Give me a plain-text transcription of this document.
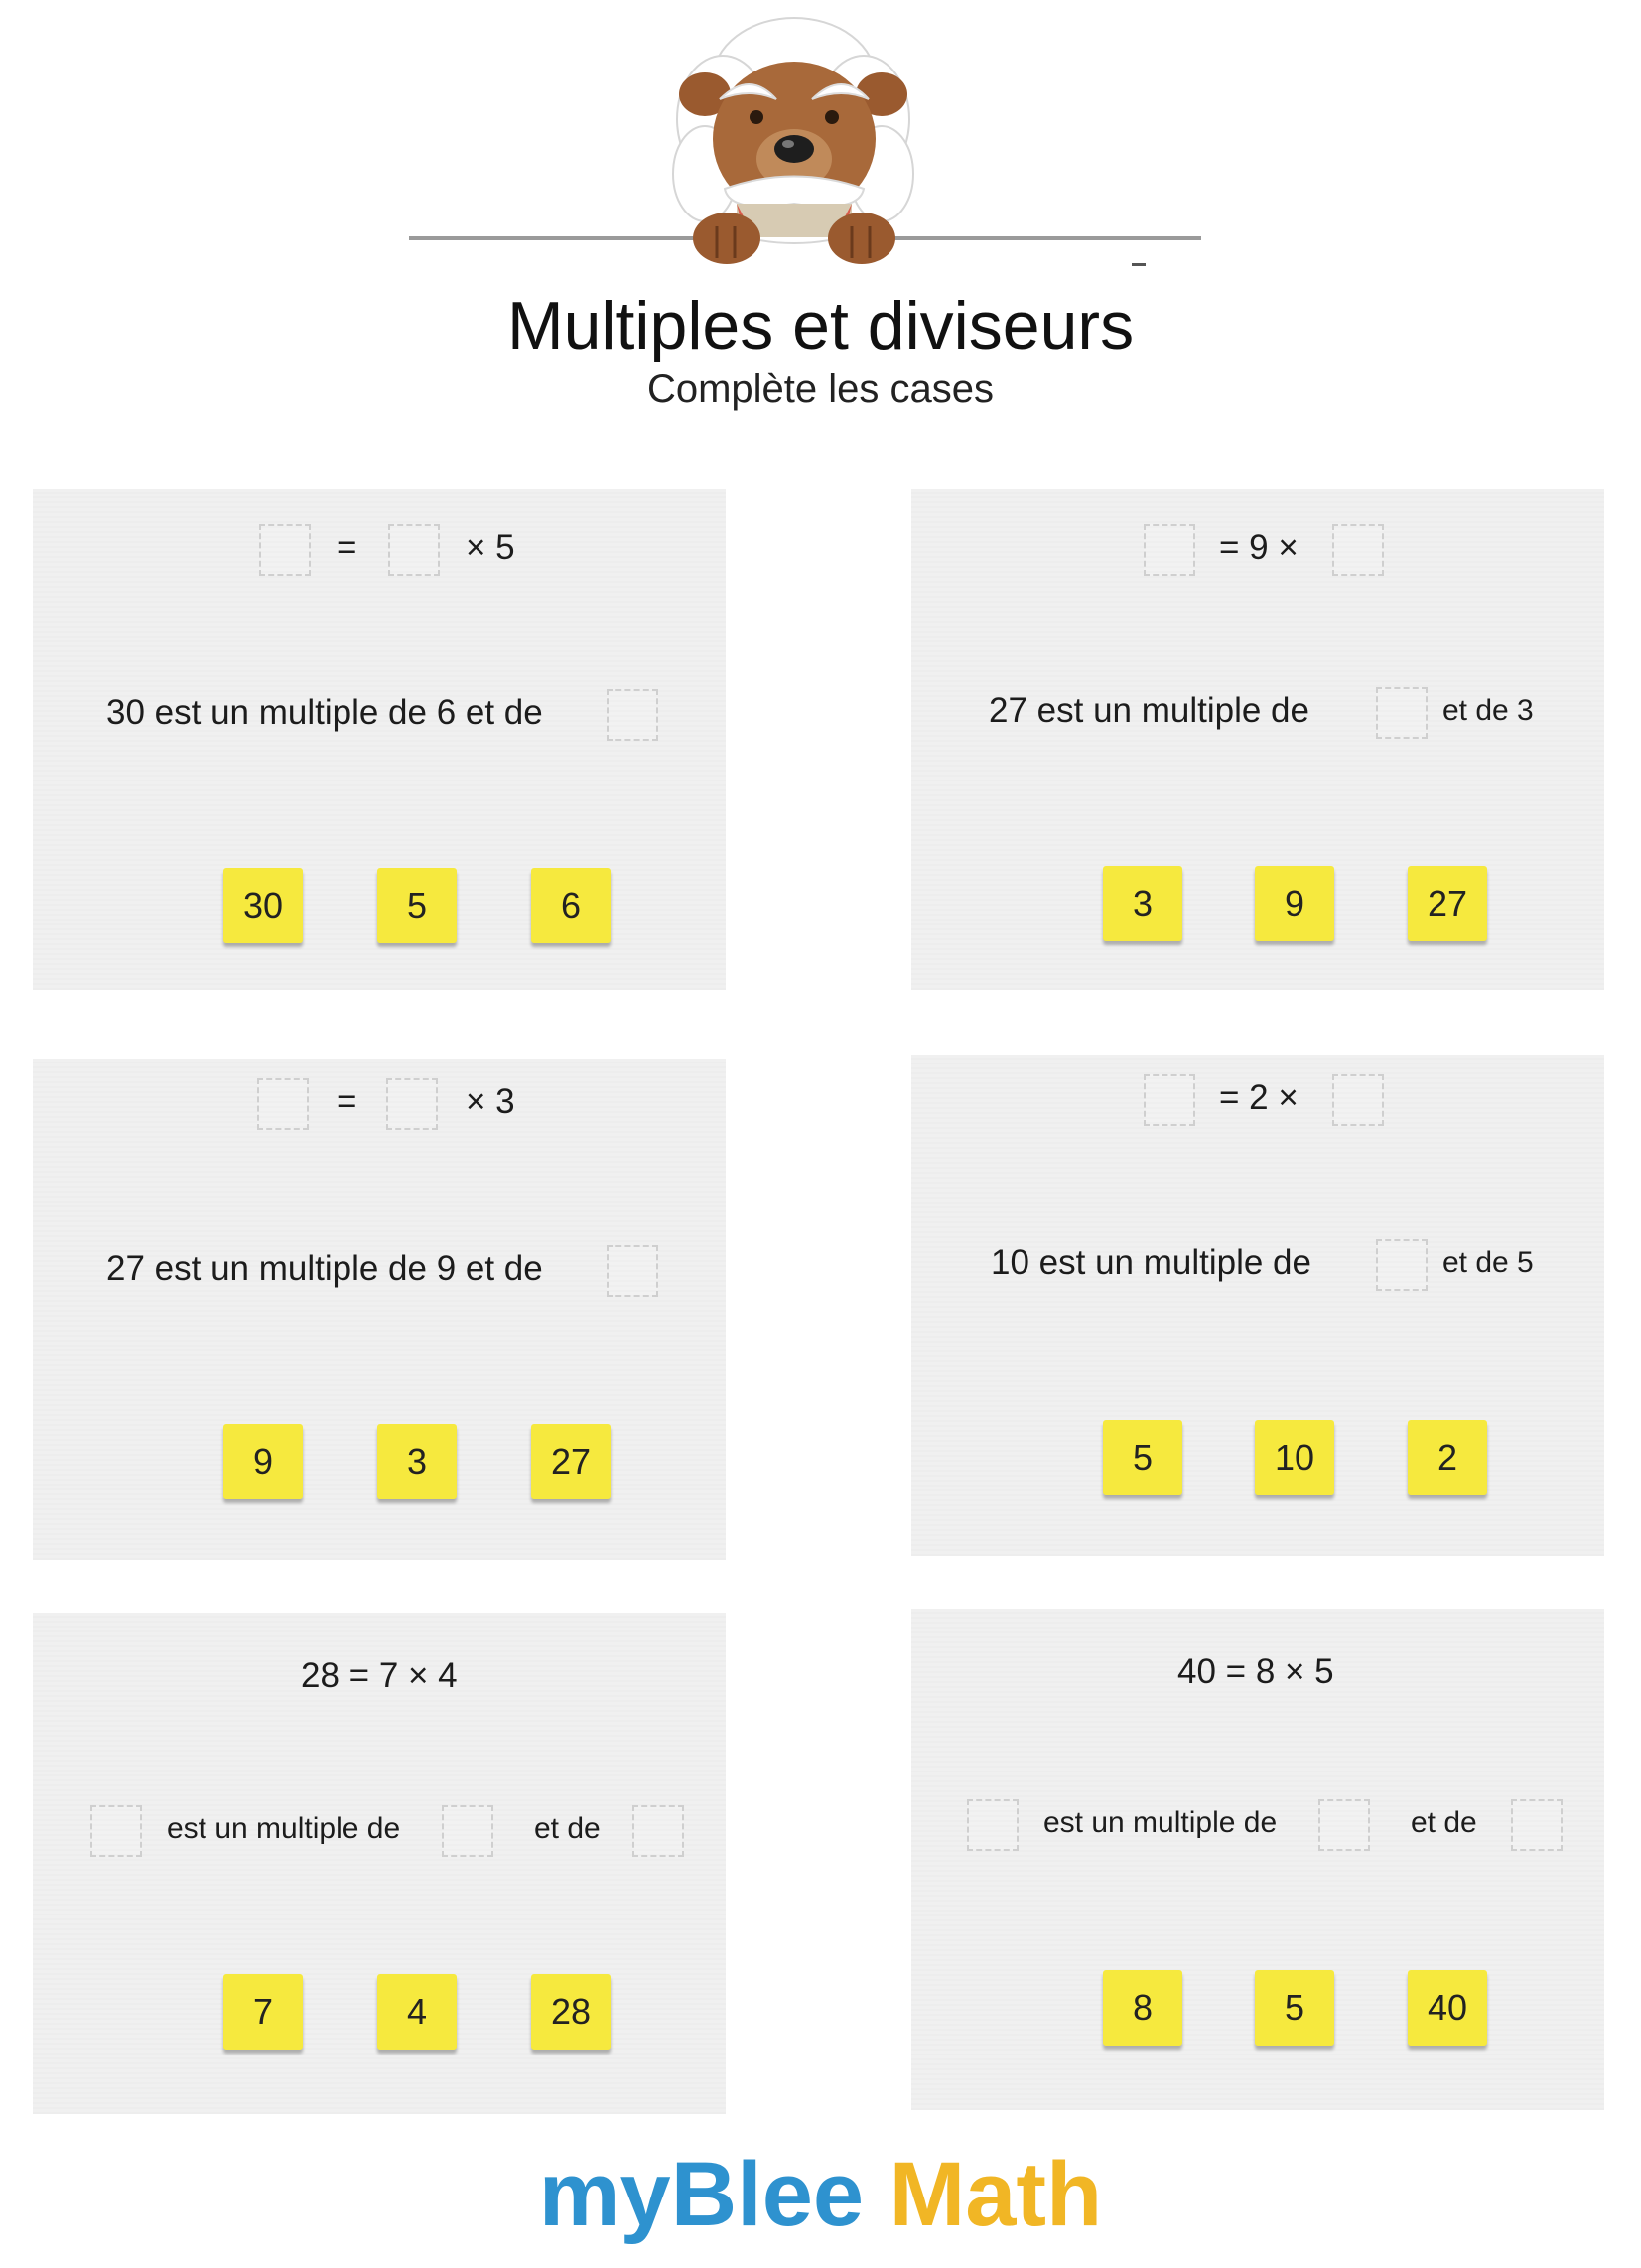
Multiples et diviseurs
Complète les cases
=	× 5
30 est un multiple de 6 et de
30	5	6
= 9 ×
27 est un multiple de	et de 3
3	9	27
=	× 3
27 est un multiple de 9 et de
9	3	27
= 2 ×
10 est un multiple de	et de 5
5	10	2
28 = 7 × 4
est un multiple de	et de
7	4	28
40 = 8 × 5
est un multiple de	et de
8	5	40
myBlee Math
